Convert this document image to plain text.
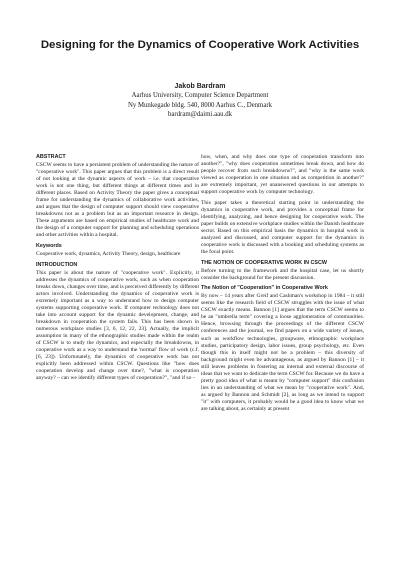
Designing for the Dynamics of Cooperative Work Activities
Jakob Bardram
Aarhus University, Computer Science Department
Ny Munkegade bldg. 540, 8000 Aarhus C., Denmark
bardram@daimi.aau.dk
ABSTRACT

CSCW seems to have a persistent problem of understanding the nature of "cooperative work". This paper argues that this problem is a direct result of not looking at the dynamic aspects of work – i.e. that cooperative work is not one thing, but different things at different times and in different places. Based on Activity Theory the paper gives a conceptual frame for understanding the dynamics of collaborative work activities, and argues that the design of computer support should view cooperative breakdowns not as a problem but as an important resource in design. These arguments are based on empirical studies of healthcare work and the design of a computer support for planning and scheduling operations and other activities within a hospital.

Keywords

Cooperative work, dynamics, Activity Theory, design, healthcare

INTRODUCTION

This paper is about the nature of "cooperative work". Explicitly, it addresses the dynamics of cooperative work, such as when cooperation breaks down, changes over time, and is perceived differently by different actors involved. Understanding the dynamics of cooperative work is extremely important as a way to understand how to design computer systems supporting cooperative work. If computer technology does not take into account support for the dynamic development, change, and breakdown in cooperation the system fails. This has been shown in numerous workplace studies [3, 6, 12, 22, 23]. Actually, the implicit assumption in many of the ethnographic studies made within the realm of CSCW is to study the dynamics, and especially the breakdowns, in cooperative work as a way to understand the 'normal' flow of work (c.f. [6, 23]). Unfortunately, the dynamics of cooperative work has not explicitly been addressed within CSCW. Questions like "how does cooperation develop and change over time?, "what is cooperation anyway? – can we identify different types of cooperation?", "and if so –

how, when, and why does one type of cooperation transform into another?", "why does cooperation sometimes break down, and how do people recover from such breakdowns?", and "why is the same work viewed as cooperation in one situation and as competition in another?" are extremely important, yet unanswered questions in our attempts to support cooperative work by computer technology.

This paper takes a theoretical starting point in understanding the dynamics in cooperative work, and provides a conceptual frame for identifying, analyzing, and hence designing for cooperative work. The paper builds on extensive workplace studies within the Danish healthcare sector. Based on this empirical basis the dynamics in hospital work is analyzed and discussed, and computer support for the dynamics in cooperative work is discussed with a booking and scheduling systems as the focal point.

THE NOTION OF COOPERATIVE WORK IN CSCW

Before turning to the framework and the hospital case, let us shortly consider the background for the present discussion.

The Notion of "Cooperation" in Cooperative Work

By now – 14 years after Greif and Cashman's workshop in 1984 – it still seems like the research field of CSCW struggles with the issue of what CSCW exactly means. Bannon [1] argues that the term CSCW seems to be an "umbrella term" covering a loose agglomeration of communities. Hence, browsing through the proceedings of the different CSCW conferences and the journal, we find papers on a wide variety of issues, such as workflow technologies, groupware, ethnographic workplace studies, participatory design, labor issues, group psychology, etc. Even though this in itself might not be a problem – this diversity of background might even be advantageous, as argued by Bannon [1] – it still leaves problems in fostering an internal and external discourse of ideas that we want to dedicate the term CSCW for. Because we do have a pretty good idea of what is meant by "computer support" this confusion lies in an understanding of what we mean by "cooperative work". And, as argued by Bannon and Schmidt [2], as long as we intend to support "it" with computers, it probably would be a good idea to know what we are talking about, as certainly at present
